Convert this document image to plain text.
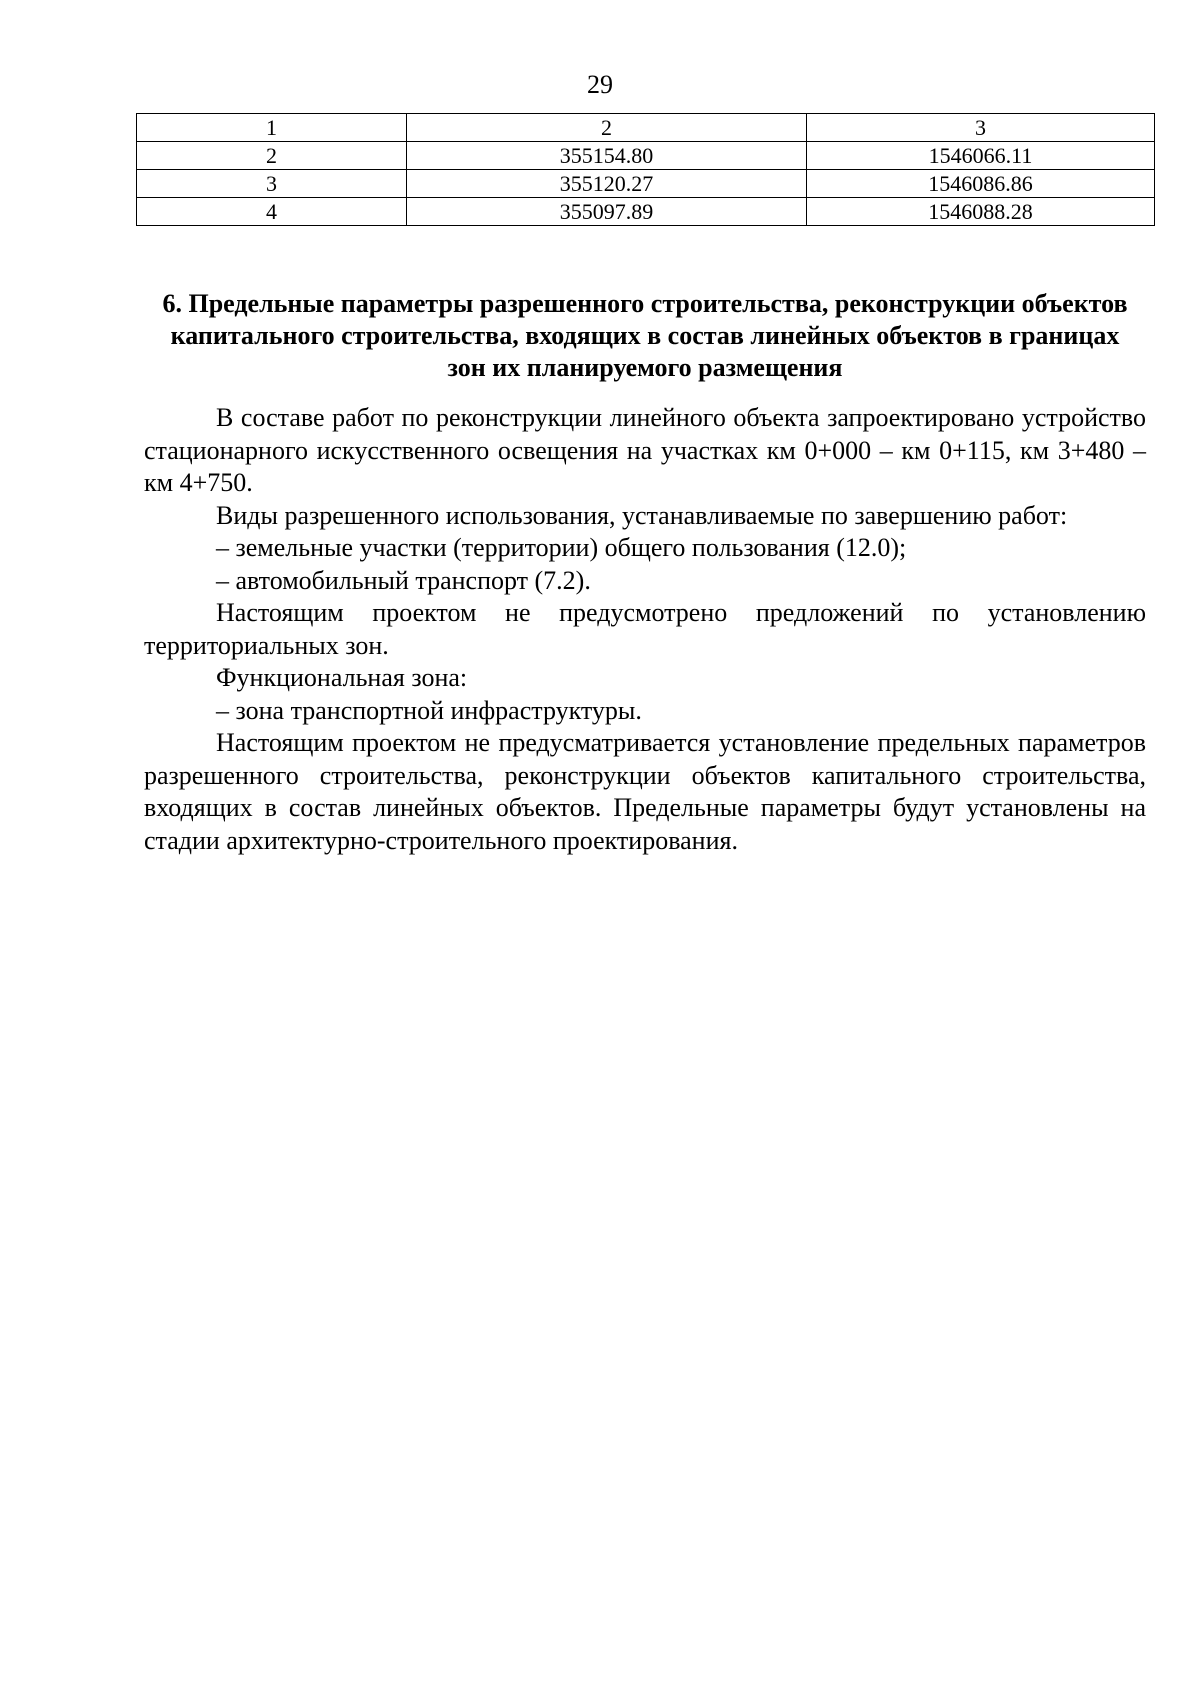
29
1	2	3
2	355154.80	1546066.11
3	355120.27	1546086.86
4	355097.89	1546088.28
6. Предельные параметры разрешенного строительства, реконструкции объектов капитального строительства, входящих в состав линейных объектов в границах зон их планируемого размещения

В составе работ по реконструкции линейного объекта запроектировано устройство стационарного искусственного освещения на участках км 0+000 – км 0+115, км 3+480 – км 4+750.

Виды разрешенного использования, устанавливаемые по завершению работ:

– земельные участки (территории) общего пользования (12.0);

– автомобильный транспорт (7.2).

Настоящим проектом не предусмотрено предложений по установлению территориальных зон.

Функциональная зона:

– зона транспортной инфраструктуры.

Настоящим проектом не предусматривается установление предельных параметров разрешенного строительства, реконструкции объектов капитального строительства, входящих в состав линейных объектов. Предельные параметры будут установлены на стадии архитектурно-строительного проектирования.
